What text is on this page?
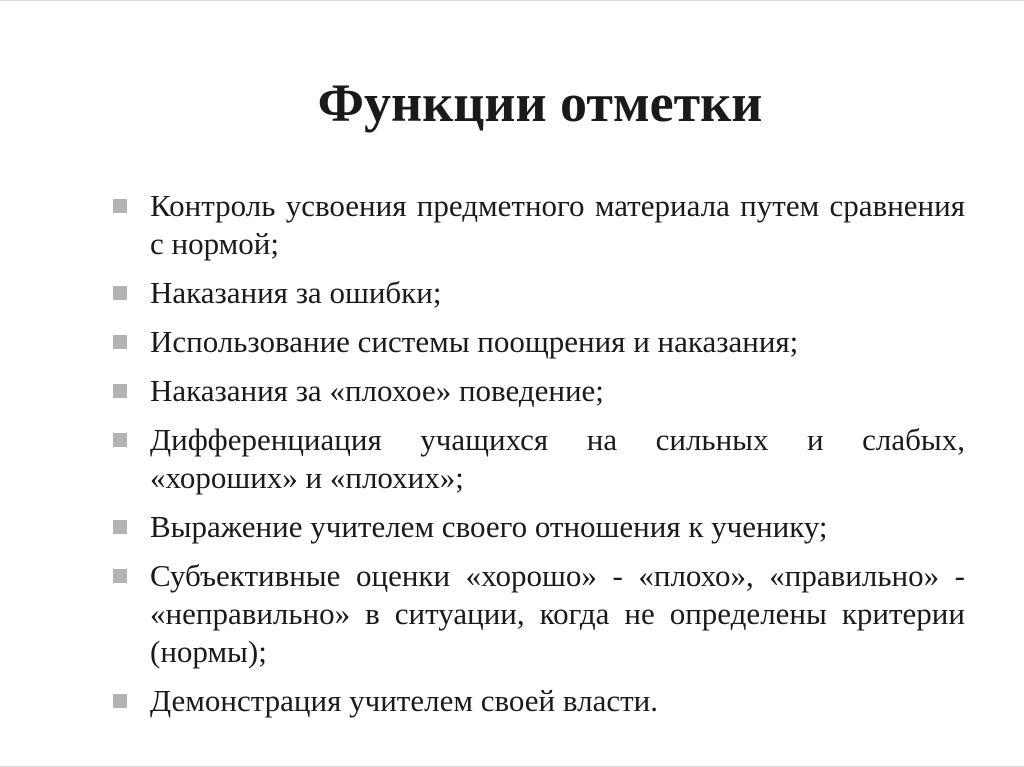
Функции отметки
Контроль усвоения предметного материала путем сравнения с нормой;
Наказания за ошибки;
Использование системы поощрения и наказания;
Наказания за «плохое» поведение;
Дифференциация учащихся на сильных и слабых, «хороших» и «плохих»;
Выражение учителем своего отношения к ученику;
Субъективные оценки «хорошо» - «плохо», «правильно» - «неправильно» в ситуации, когда не определены критерии (нормы);
Демонстрация учителем своей власти.
